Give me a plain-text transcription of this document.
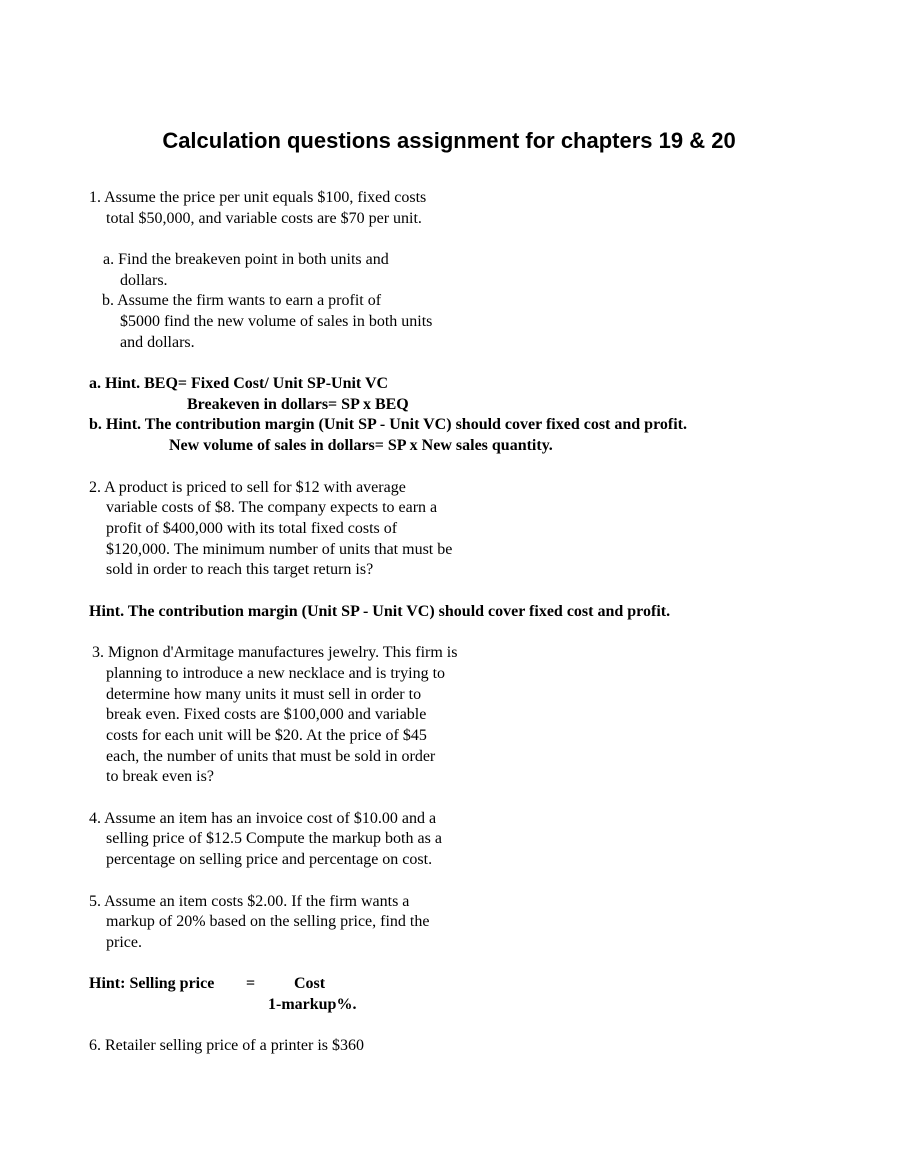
Calculation questions assignment for chapters 19 & 20
1. Assume the price per unit equals $100, fixed costs
total $50,000, and variable costs are $70 per unit.
a. Find the breakeven point in both units and
dollars.
b. Assume the firm wants to earn a profit of
$5000 find the new volume of sales in both units
and dollars.
a. Hint. BEQ= Fixed Cost/ Unit SP-Unit VC
Breakeven in dollars= SP x BEQ
b. Hint. The contribution margin (Unit SP - Unit VC) should cover fixed cost and profit.
New volume of sales in dollars= SP x New sales quantity.
2. A product is priced to sell for $12 with average
variable costs of $8. The company expects to earn a
profit of $400,000 with its total fixed costs of
$120,000. The minimum number of units that must be
sold in order to reach this target return is?
Hint. The contribution margin (Unit SP - Unit VC) should cover fixed cost and profit.
3. Mignon d'Armitage manufactures jewelry. This firm is
planning to introduce a new necklace and is trying to
determine how many units it must sell in order to
break even. Fixed costs are $100,000 and variable
costs for each unit will be $20. At the price of $45
each, the number of units that must be sold in order
to break even is?
4. Assume an item has an invoice cost of $10.00 and a
selling price of $12.5 Compute the markup both as a
percentage on selling price and percentage on cost.
5. Assume an item costs $2.00. If the firm wants a
markup of 20% based on the selling price, find the
price.
Hint: Selling price = Cost
1-markup%.
6. Retailer selling price of a printer is $360
